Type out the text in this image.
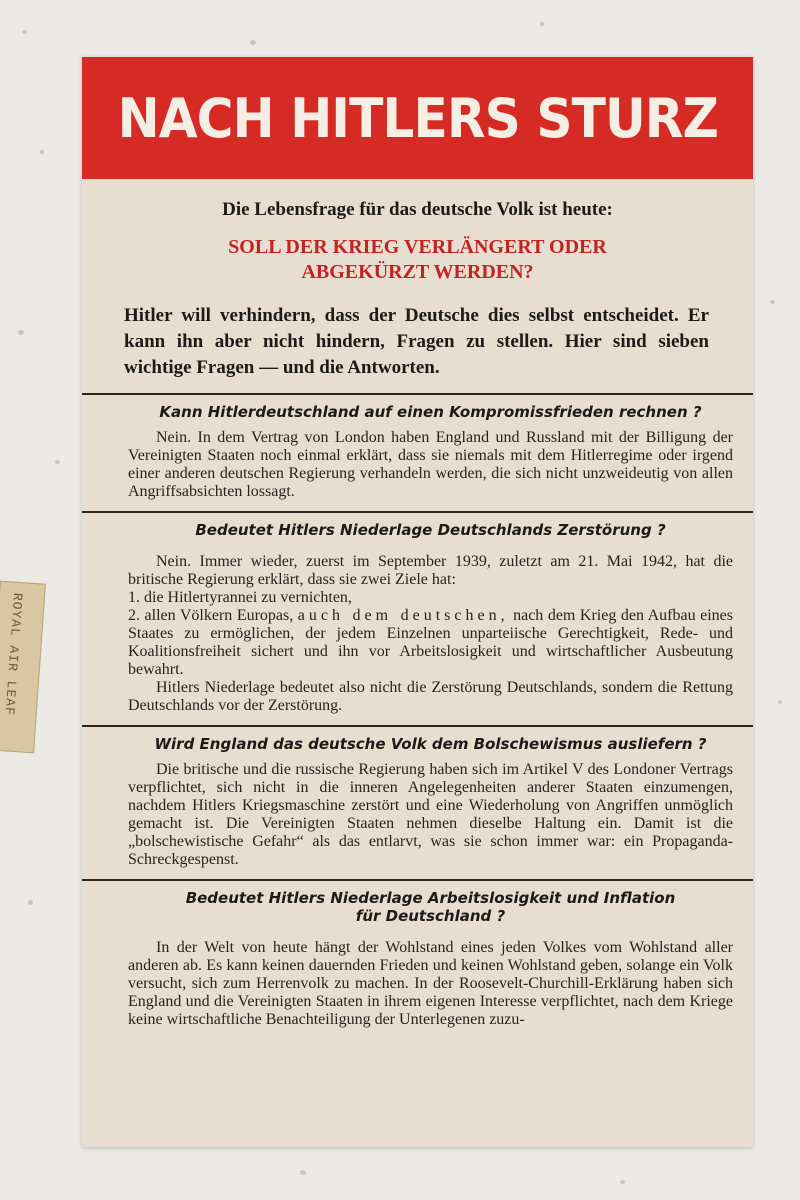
ROYAL AIR LEAF
NACH HITLERS STURZ

Die Lebensfrage für das deutsche Volk ist heute:

SOLL DER KRIEG VERLÄNGERT ODER
ABGEKÜRZT WERDEN?

Hitler will verhindern, dass der Deutsche dies selbst entscheidet. Er kann ihn aber nicht hindern, Fragen zu stellen. Hier sind sieben wichtige Fragen — und die Antworten.

Kann Hitlerdeutschland auf einen Kompromissfrieden rechnen ?

Nein. In dem Vertrag von London haben England und Russland mit der Billigung der Vereinigten Staaten noch einmal erklärt, dass sie niemals mit dem Hitlerregime oder irgend einer anderen deutschen Regierung verhandeln werden, die sich nicht unzweideutig von allen Angriffsabsichten lossagt.

Bedeutet Hitlers Niederlage Deutschlands Zerstörung ?

Nein. Immer wieder, zuerst im September 1939, zuletzt am 21. Mai 1942, hat die britische Regierung erklärt, dass sie zwei Ziele hat:

1. die Hitlertyrannei zu vernichten,

2. allen Völkern Europas, auch dem deutschen, nach dem Krieg den Aufbau eines Staates zu ermöglichen, der jedem Einzelnen unparteiische Gerechtigkeit, Rede- und Koalitionsfreiheit sichert und ihn vor Arbeitslosigkeit und wirtschaftlicher Ausbeutung bewahrt.

Hitlers Niederlage bedeutet also nicht die Zerstörung Deutschlands, sondern die Rettung Deutschlands vor der Zerstörung.

Wird England das deutsche Volk dem Bolschewismus ausliefern ?

Die britische und die russische Regierung haben sich im Artikel V des Londoner Vertrags verpflichtet, sich nicht in die inneren Angelegenheiten anderer Staaten einzumengen, nachdem Hitlers Kriegsmaschine zerstört und eine Wiederholung von Angriffen unmöglich gemacht ist. Die Vereinigten Staaten nehmen dieselbe Haltung ein. Damit ist die „bolschewistische Gefahr“ als das entlarvt, was sie schon immer war: ein Propaganda-Schreckgespenst.

Bedeutet Hitlers Niederlage Arbeitslosigkeit und Inflation
für Deutschland ?

In der Welt von heute hängt der Wohlstand eines jeden Volkes vom Wohlstand aller anderen ab. Es kann keinen dauernden Frieden und keinen Wohlstand geben, solange ein Volk versucht, sich zum Herrenvolk zu machen. In der Roosevelt-Churchill-Erklärung haben sich England und die Vereinigten Staaten in ihrem eigenen Interesse verpflichtet, nach dem Kriege keine wirtschaftliche Benachteiligung der Unterlegenen zuzu-
